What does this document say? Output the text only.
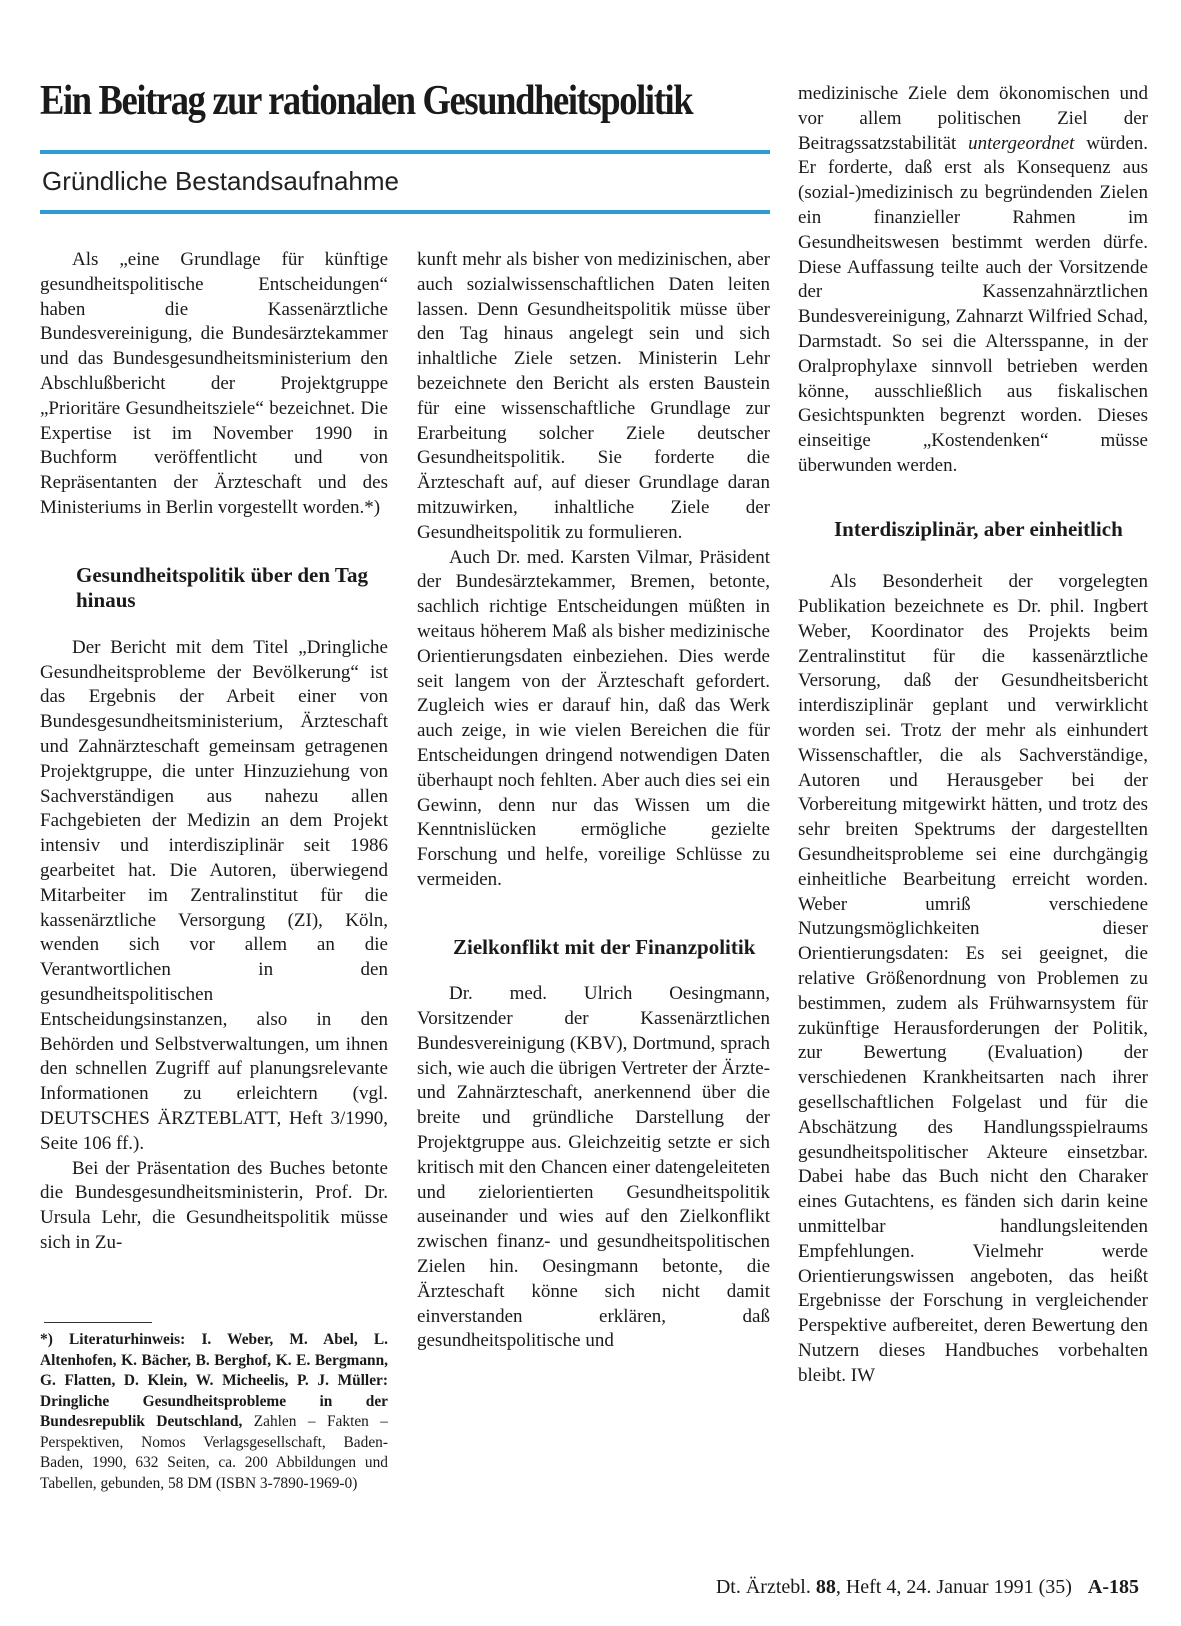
Ein Beitrag zur rationalen Gesundheitspolitik
Gründliche Bestandsaufnahme

Als „eine Grundlage für künftige gesundheitspolitische Entscheidungen“ haben die Kassenärztliche Bundesvereinigung, die Bundesärztekammer und das Bundesgesundheitsministerium den Abschlußbericht der Projektgruppe „Prioritäre Gesundheitsziele“ bezeichnet. Die Expertise ist im November 1990 in Buchform veröffentlicht und von Repräsentanten der Ärzteschaft und des Ministeriums in Berlin vorgestellt worden.*)

Gesundheitspolitik über den Tag hinaus

Der Bericht mit dem Titel „Dringliche Gesundheitsprobleme der Bevölkerung“ ist das Ergebnis der Arbeit einer von Bundesgesundheitsministerium, Ärzteschaft und Zahnärzteschaft gemeinsam getragenen Projektgruppe, die unter Hinzuziehung von Sachverständigen aus nahezu allen Fachgebieten der Medizin an dem Projekt intensiv und interdisziplinär seit 1986 gearbeitet hat. Die Autoren, überwiegend Mitarbeiter im Zentralinstitut für die kassenärztliche Versorgung (ZI), Köln, wenden sich vor allem an die Verantwortlichen in den gesundheitspolitischen Entscheidungsinstanzen, also in den Behörden und Selbstverwaltungen, um ihnen den schnellen Zugriff auf planungsrelevante Informationen zu erleichtern (vgl. DEUTSCHES ÄRZTEBLATT, Heft 3/1990, Seite 106 ff.).

Bei der Präsentation des Buches betonte die Bundesgesundheitsministerin, Prof. Dr. Ursula Lehr, die Gesundheitspolitik müsse sich in Zu-

*) Literaturhinweis: I. Weber, M. Abel, L. Altenhofen, K. Bächer, B. Berghof, K. E. Bergmann, G. Flatten, D. Klein, W. Micheelis, P. J. Müller: Dringliche Gesundheitsprobleme in der Bundesrepublik Deutschland, Zahlen – Fakten – Perspektiven, Nomos Verlagsgesellschaft, Baden-Baden, 1990, 632 Seiten, ca. 200 Abbildungen und Tabellen, gebunden, 58 DM (ISBN 3-7890-1969-0)

kunft mehr als bisher von medizinischen, aber auch sozialwissenschaftlichen Daten leiten lassen. Denn Gesundheitspolitik müsse über den Tag hinaus angelegt sein und sich inhaltliche Ziele setzen. Ministerin Lehr bezeichnete den Bericht als ersten Baustein für eine wissenschaftliche Grundlage zur Erarbeitung solcher Ziele deutscher Gesundheitspolitik. Sie forderte die Ärzteschaft auf, auf dieser Grundlage daran mitzuwirken, inhaltliche Ziele der Gesundheitspolitik zu formulieren.

Auch Dr. med. Karsten Vilmar, Präsident der Bundesärztekammer, Bremen, betonte, sachlich richtige Entscheidungen müßten in weitaus höherem Maß als bisher medizinische Orientierungsdaten einbeziehen. Dies werde seit langem von der Ärzteschaft gefordert. Zugleich wies er darauf hin, daß das Werk auch zeige, in wie vielen Bereichen die für Entscheidungen dringend notwendigen Daten überhaupt noch fehlten. Aber auch dies sei ein Gewinn, denn nur das Wissen um die Kenntnislücken ermögliche gezielte Forschung und helfe, voreilige Schlüsse zu vermeiden.

Zielkonflikt mit der Finanzpolitik

Dr. med. Ulrich Oesingmann, Vorsitzender der Kassenärztlichen Bundesvereinigung (KBV), Dortmund, sprach sich, wie auch die übrigen Vertreter der Ärzte- und Zahnärzteschaft, anerkennend über die breite und gründliche Darstellung der Projektgruppe aus. Gleichzeitig setzte er sich kritisch mit den Chancen einer datengeleiteten und zielorientierten Gesundheitspolitik auseinander und wies auf den Zielkonflikt zwischen finanz- und gesundheitspolitischen Zielen hin. Oesingmann betonte, die Ärzteschaft könne sich nicht damit einverstanden erklären, daß gesundheitspolitische und

medizinische Ziele dem ökonomischen und vor allem politischen Ziel der Beitragssatzstabilität untergeordnet würden. Er forderte, daß erst als Konsequenz aus (sozial-)medizinisch zu begründenden Zielen ein finanzieller Rahmen im Gesundheitswesen bestimmt werden dürfe. Diese Auffassung teilte auch der Vorsitzende der Kassenzahnärztlichen Bundesvereinigung, Zahnarzt Wilfried Schad, Darmstadt. So sei die Altersspanne, in der Oralprophylaxe sinnvoll betrieben werden könne, ausschließlich aus fiskalischen Gesichtspunkten begrenzt worden. Dieses einseitige „Kostendenken“ müsse überwunden werden.

Interdisziplinär, aber einheitlich

Als Besonderheit der vorgelegten Publikation bezeichnete es Dr. phil. Ingbert Weber, Koordinator des Projekts beim Zentralinstitut für die kassenärztliche Versorung, daß der Gesundheitsbericht interdisziplinär geplant und verwirklicht worden sei. Trotz der mehr als einhundert Wissenschaftler, die als Sachverständige, Autoren und Herausgeber bei der Vorbereitung mitgewirkt hätten, und trotz des sehr breiten Spektrums der dargestellten Gesundheitsprobleme sei eine durchgängig einheitliche Bearbeitung erreicht worden. Weber umriß verschiedene Nutzungsmöglichkeiten dieser Orientierungsdaten: Es sei geeignet, die relative Größenordnung von Problemen zu bestimmen, zudem als Frühwarnsystem für zukünftige Herausforderungen der Politik, zur Bewertung (Evaluation) der verschiedenen Krankheitsarten nach ihrer gesellschaftlichen Folgelast und für die Abschätzung des Handlungsspielraums gesundheitspolitischer Akteure einsetzbar. Dabei habe das Buch nicht den Charaker eines Gutachtens, es fänden sich darin keine unmittelbar handlungsleitenden Empfehlungen. Vielmehr werde Orientierungswissen angeboten, das heißt Ergebnisse der Forschung in vergleichender Perspektive aufbereitet, deren Bewertung den Nutzern dieses Handbuches vorbehalten bleibt. IW

Dt. Ärztebl. 88, Heft 4, 24. Januar 1991 (35) A-185
